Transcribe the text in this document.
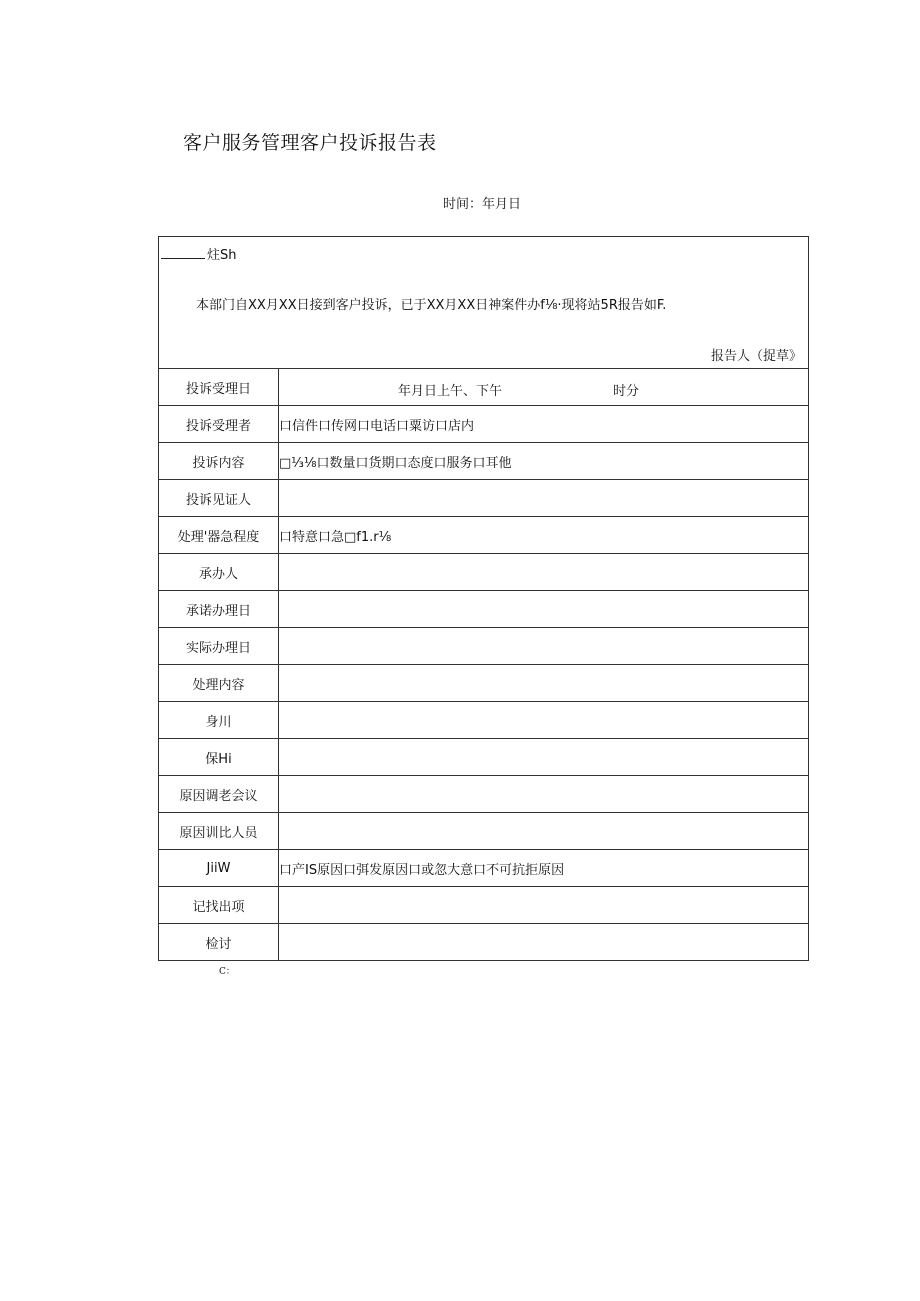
客户服务管理客户投诉报告表
时间：年月日
炷Sh
本部门自XX月XX日接到客户投诉，已于XX月XX日神案件办f⅛·现将站5R报告如F.
报告人（捉草》	

投诉受理日	年月日上午、下午 时分

投诉受理者	口信件口传网口电话口粟访口店内
投诉内容	□⅓⅛口数量口货期口态度口服务口耳他
投诉见证人	
处理'器急程度	口特意口急□f1.r⅛
承办人	
承诺办理日	
实际办理日	
处理内容	
身川	
保Hi	
原因调老会议	
原因训比人员	
JiiW	口产IS原因口弭发原因口或忽大意口不可抗拒原因
记找出项	
检讨	
C：
